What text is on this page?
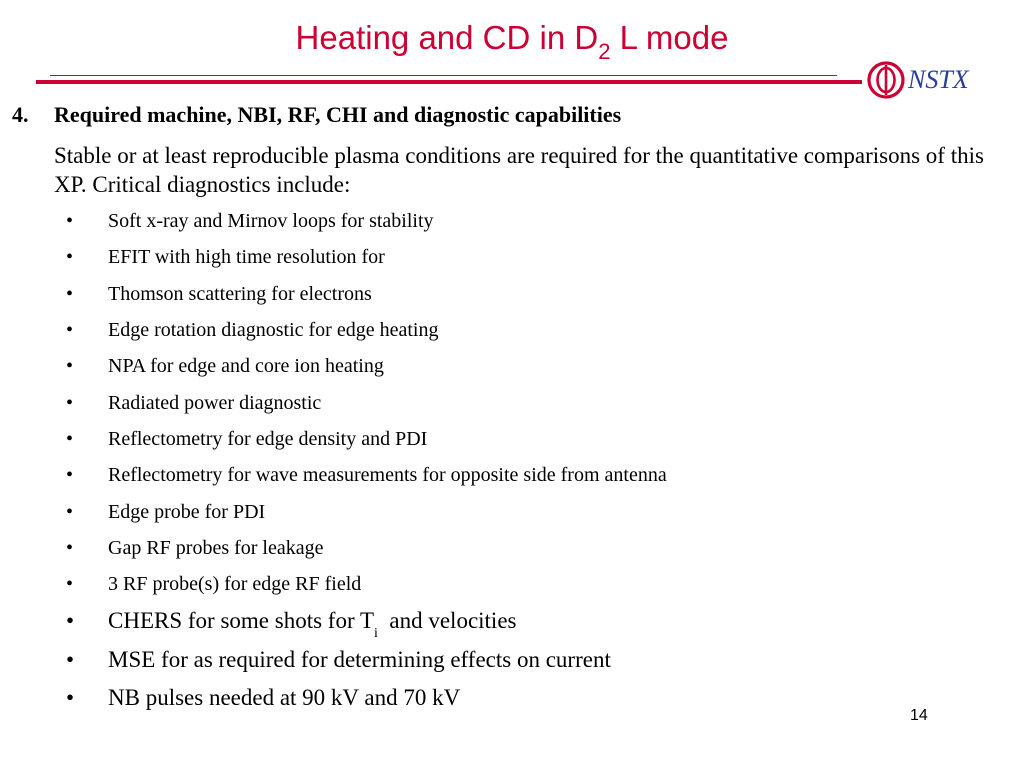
Heating and CD in $D_2$ L mode
NSTX
4. Required machine, NBI, RF, CHI and diagnostic capabilities
Stable or at least reproducible plasma conditions are required for the quantitative comparisons of this XP. Critical diagnostics include:
• Soft x-ray and Mirnov loops for stability
• EFIT with high time resolution for
• Thomson scattering for electrons
• Edge rotation diagnostic for edge heating
• NPA for edge and core ion heating
• Radiated power diagnostic
• Reflectometry for edge density and PDI
• Reflectometry for wave measurements for opposite side from antenna
• Edge probe for PDI
• Gap RF probes for leakage
• 3 RF probe(s) for edge RF field
• CHERS for some shots for $T_i$  and velocities
• MSE for as required for determining effects on current
• NB pulses needed at 90 kV and 70 kV
14
